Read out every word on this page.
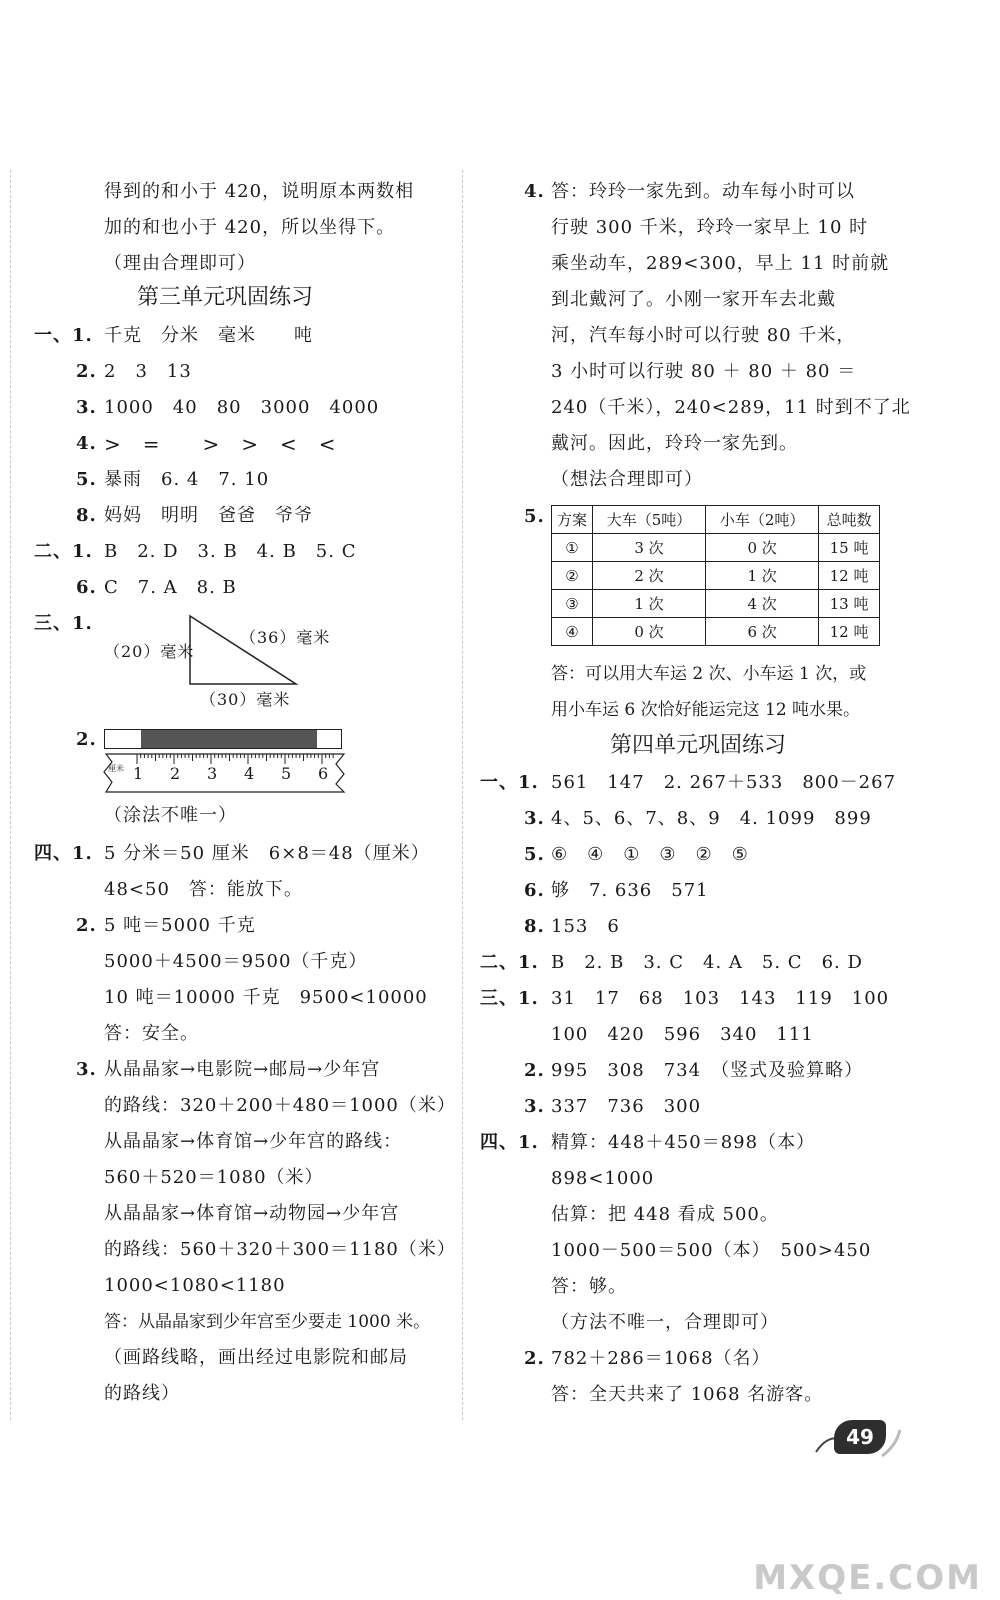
得到的和小于 420，说明原本两数相
加的和也小于 420，所以坐得下。
（理由合理即可）
第三单元巩固练习
一、1. 千克　分米　毫米　　吨
2. 2　3　13
3. 1000　40　80　3000　4000
4. >　=　　>　>　<　<
5. 暴雨　6. 4　7. 10
8. 妈妈　明明　爸爸　爷爷
二、1. B　2. D　3. B　4. B　5. C
6. C　7. A　8. B
三、1.
（20）毫米
（36）毫米
（30）毫米
2.
厘米 1 2 3 4 5 6
（涂法不唯一）
四、1. 5 分米＝50 厘米　6×8＝48（厘米）
48<50　答：能放下。
2. 5 吨＝5000 千克
5000＋4500＝9500（千克）
10 吨＝10000 千克　9500<10000
答：安全。
3. 从晶晶家→电影院→邮局→少年宫
的路线：320＋200＋480＝1000（米）
从晶晶家→体育馆→少年宫的路线：
560＋520＝1080（米）
从晶晶家→体育馆→动物园→少年宫
的路线：560＋320＋300＝1180（米）
1000<1080<1180
答：从晶晶家到少年宫至少要走 1000 米。
（画路线略，画出经过电影院和邮局
的路线）
4. 答：玲玲一家先到。动车每小时可以
行驶 300 千米，玲玲一家早上 10 时
乘坐动车，289<300，早上 11 时前就
到北戴河了。小刚一家开车去北戴
河，汽车每小时可以行驶 80 千米，
3 小时可以行驶 80 ＋ 80 ＋ 80 ＝
240（千米），240<289，11 时到不了北
戴河。因此，玲玲一家先到。
（想法合理即可）
5. 方案	大车（5吨）	小车（2吨）	总吨数
①	3 次	0 次	15 吨
②	2 次	1 次	12 吨
③	1 次	4 次	13 吨
④	0 次	6 次	12 吨
答：可以用大车运 2 次、小车运 1 次，或
用小车运 6 次恰好能运完这 12 吨水果。
第四单元巩固练习
一、1. 561　147　2. 267＋533　800－267
3. 4、5、6、7、8、9　4. 1099　899
5. ⑥　④　①　③　②　⑤
6. 够　7. 636　571
8. 153　6
二、1. B　2. B　3. C　4. A　5. C　6. D
三、1. 31　17　68　103　143　119　100
100　420　596　340　111
2. 995　308　734　（竖式及验算略）
3. 337　736　300
四、1. 精算：448＋450＝898（本）
898<1000
估算：把 448 看成 500。
1000－500＝500（本）　500>450
答：够。
（方法不唯一，合理即可）
2. 782＋286＝1068（名）
答：全天共来了 1068 名游客。
49
MXQE.COM
